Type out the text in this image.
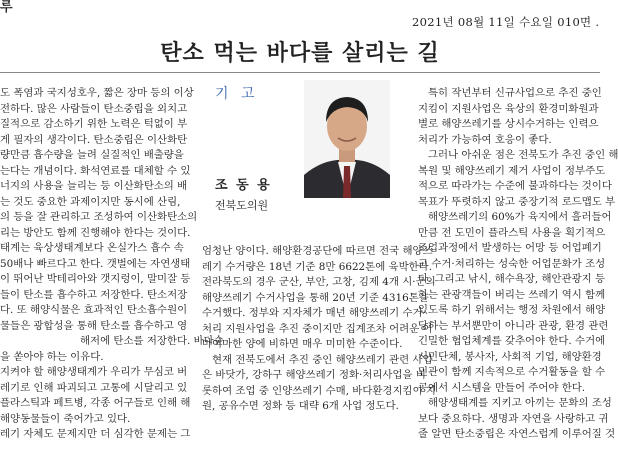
루
2021년 08월 11일 수요일 010면 .
탄소 먹는 바다를 살리는 길
기 고
조 동 용
전북도의원
도 폭염과 국지성호우, 짧은 장마 등의 이상
전하다. 많은 사람들이 탄소중립을 외치고
질적으로 감소하기 위한 노력은 턱없이 부
게 필자의 생각이다. 탄소중립은 이산화탄
량만큼 흡수량을 늘려 실질적인 배출량을
는다는 개념이다. 화석연료를 대체할 수 있
너지의 사용을 늘리는 등 이산화탄소의 배
는 것도 중요한 과제이지만 동시에 산림,
의 등을 잘 관리하고 조성하여 이산화탄소의
리는 방안도 함께 진행해야 한다는 것이다.
태계는 육상생태계보다 온실가스 흡수 속
50배나 빠르다고 한다. 갯벌에는 자연생태
이 뛰어난 박테리아와 갯지렁이, 말미잘 등
들이 탄소를 흡수하고 저장한다. 탄소저장
다. 또 해양식물은 효과적인 탄소흡수원이
물들은 광합성을 통해 탄소를 흡수하고 영
해저에 탄소를 저장한다. 바다숲
을 쏟아야 하는 이유다.
지켜야 할 해양생태계가 우리가 무심코 버
레기로 인해 파괴되고 고통에 시달리고 있
플라스틱과 페트병, 각종 어구들로 인해 해
해양동물들이 죽어가고 있다.
레기 자체도 문제지만 더 심각한 문제는 그
엄청난 양이다. 해양환경공단에 따르면 전국 해양쓰
레기 수거량은 18년 기준 8만 6622톤에 육박한다.
전라북도의 경우 군산, 부안, 고창, 김제 4개 시·군의
해양쓰레기 수거사업을 통해 20년 기준 4316톤을
수거했다. 정부와 지자체가 매년 해양쓰레기 수거·
처리 지원사업을 추진 중이지만 집계조차 어려운 어
마어마한 양에 비하면 매우 미미한 수준이다.
현재 전북도에서 추진 중인 해양쓰레기 관련 사업
은 바닷가, 강하구 해양쓰레기 정화·처리사업을 비
롯하여 조업 중 인양쓰레기 수매, 바다환경지킴이 지
원, 공유수면 정화 등 대략 6개 사업 정도다.
특히 작년부터 신규사업으로 추진 중인
지킴이 지원사업은 육상의 환경미화원과
별로 해양쓰레기를 상시수거하는 인력으
처리가 가능하여 호응이 좋다.
그러나 아쉬운 점은 전북도가 추진 중인 해
복원 및 해양쓰레기 제거 사업이 정부주도
적으로 따라가는 수준에 불과하다는 것이다
목표가 뚜렷하지 않고 중장기적 로드맵도 부
해양쓰레기의 60%가 육지에서 흘러들어
만큼 전 도민이 플라스틱 사용을 획기적으
조업과정에서 발생하는 어망 등 어업폐기
고 수거·처리하는 성숙한 어업문화가 조성
다. 그리고 낚시, 해수욕장, 해안관광지 등
하는 관광객들이 버리는 쓰레기 역시 함께
있도록 하기 위해서는 행정 차원에서 해양
당하는 부서뿐만이 아니라 관광, 환경 관련
긴밀한 협업체계를 갖추어야 한다. 수거에
시민단체, 봉사자, 사회적 기업, 해양환경
민관이 함께 지속적으로 수거활동을 할 수
공에서 시스템을 만들어 주어야 한다.
해양생태계를 지키고 아끼는 문화의 조성
보다 중요하다. 생명과 자연을 사랑하고 귀
줄 알면 탄소중립은 자연스럽게 이루어질 것
